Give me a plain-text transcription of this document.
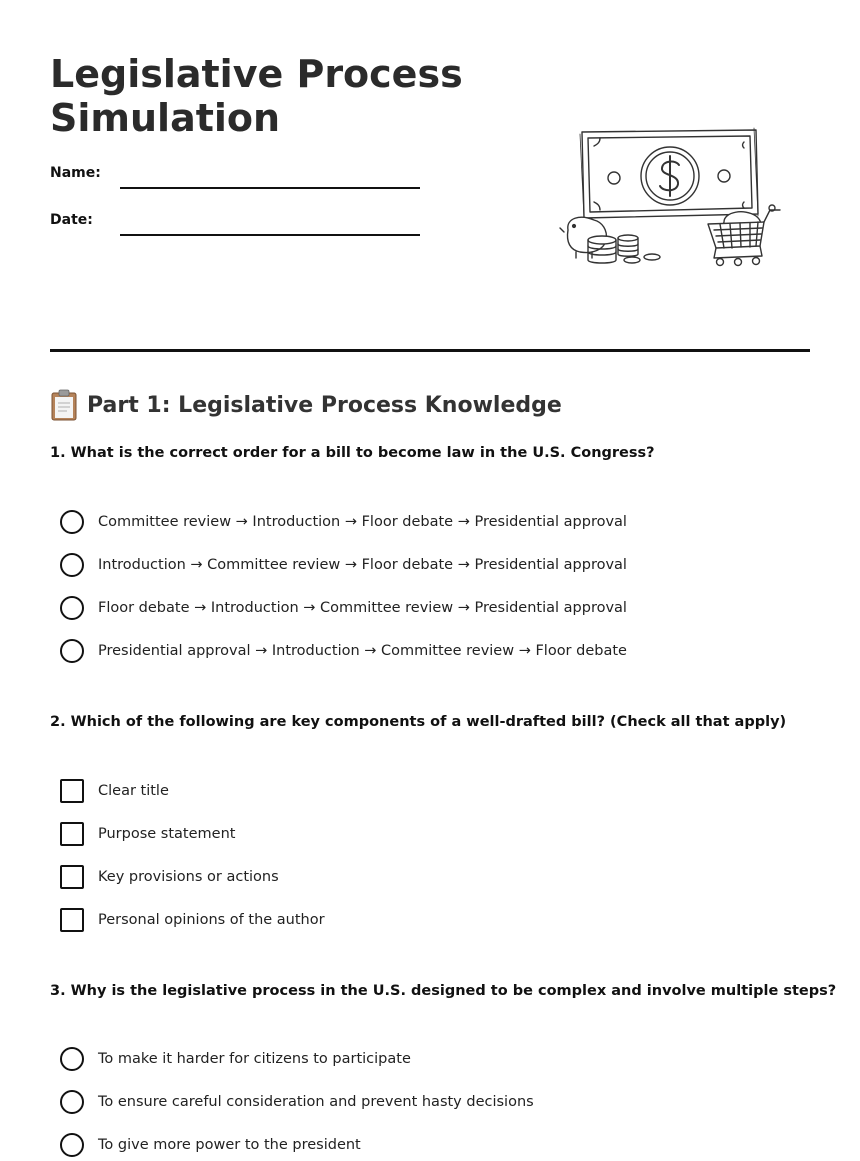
Legislative Process
Simulation
Name:
Date:
Part 1: Legislative Process Knowledge
1. What is the correct order for a bill to become law in the U.S. Congress?
Committee review → Introduction → Floor debate → Presidential approval
Introduction → Committee review → Floor debate → Presidential approval
Floor debate → Introduction → Committee review → Presidential approval
Presidential approval → Introduction → Committee review → Floor debate
2. Which of the following are key components of a well-drafted bill? (Check all that apply)
Clear title
Purpose statement
Key provisions or actions
Personal opinions of the author
3. Why is the legislative process in the U.S. designed to be complex and involve multiple steps?
To make it harder for citizens to participate
To ensure careful consideration and prevent hasty decisions
To give more power to the president
